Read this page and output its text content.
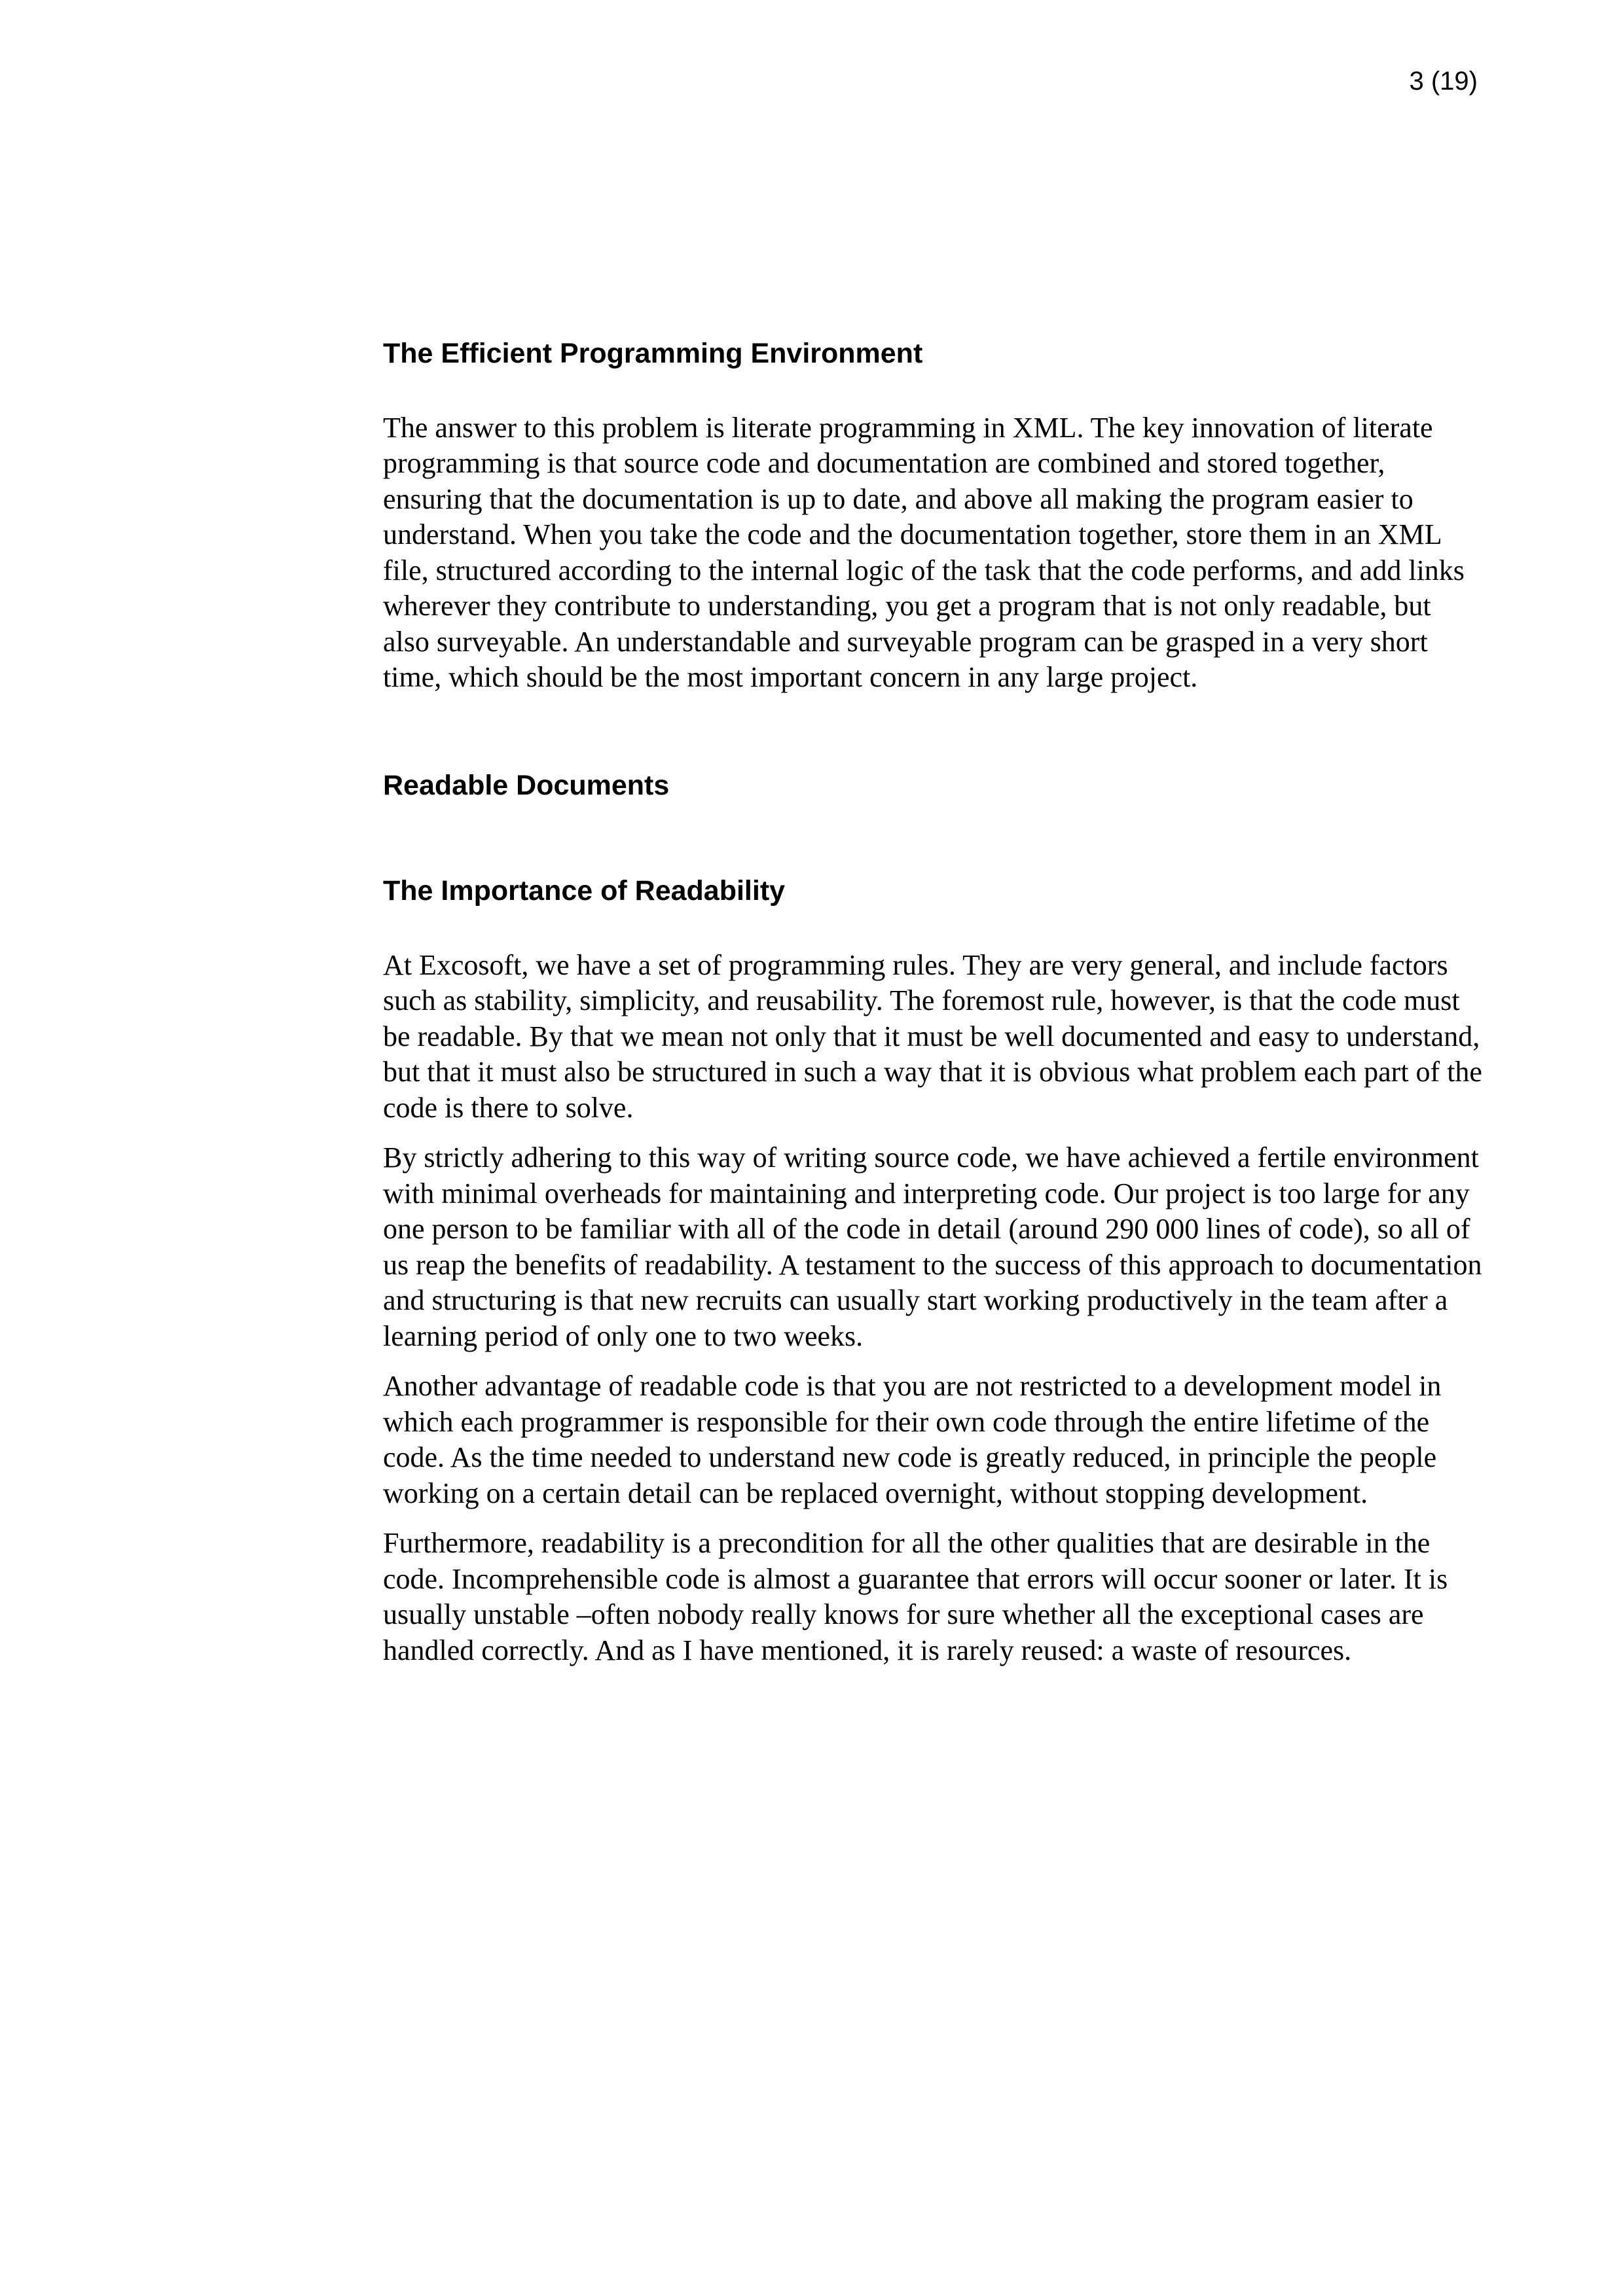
3 (19)
The Efficient Programming Environment

The answer to this problem is literate programming in XML. The key innovation of literate programming is that source code and documentation are combined and stored together, ensuring that the documentation is up to date, and above all making the program easier to understand. When you take the code and the documentation together, store them in an XML file, structured according to the internal logic of the task that the code performs, and add links wherever they contribute to understanding, you get a program that is not only readable, but also surveyable. An understandable and surveyable program can be grasped in a very short time, which should be the most important concern in any large project.

Readable Documents
The Importance of Readability

At Excosoft, we have a set of programming rules. They are very general, and include factors such as stability, simplicity, and reusability. The foremost rule, however, is that the code must be readable. By that we mean not only that it must be well documented and easy to understand, but that it must also be structured in such a way that it is obvious what problem each part of the code is there to solve.

By strictly adhering to this way of writing source code, we have achieved a fertile environment with minimal overheads for maintaining and interpreting code. Our project is too large for any one person to be familiar with all of the code in detail (around 290 000 lines of code), so all of us reap the benefits of readability. A testament to the success of this approach to documentation and structuring is that new recruits can usually start working productively in the team after a learning period of only one to two weeks.

Another advantage of readable code is that you are not restricted to a development model in which each programmer is responsible for their own code through the entire lifetime of the code. As the time needed to understand new code is greatly reduced, in principle the people working on a certain detail can be replaced overnight, without stopping development.

Furthermore, readability is a precondition for all the other qualities that are desirable in the code. Incomprehensible code is almost a guarantee that errors will occur sooner or later. It is usually unstable –often nobody really knows for sure whether all the exceptional cases are handled correctly. And as I have mentioned, it is rarely reused: a waste of resources.
